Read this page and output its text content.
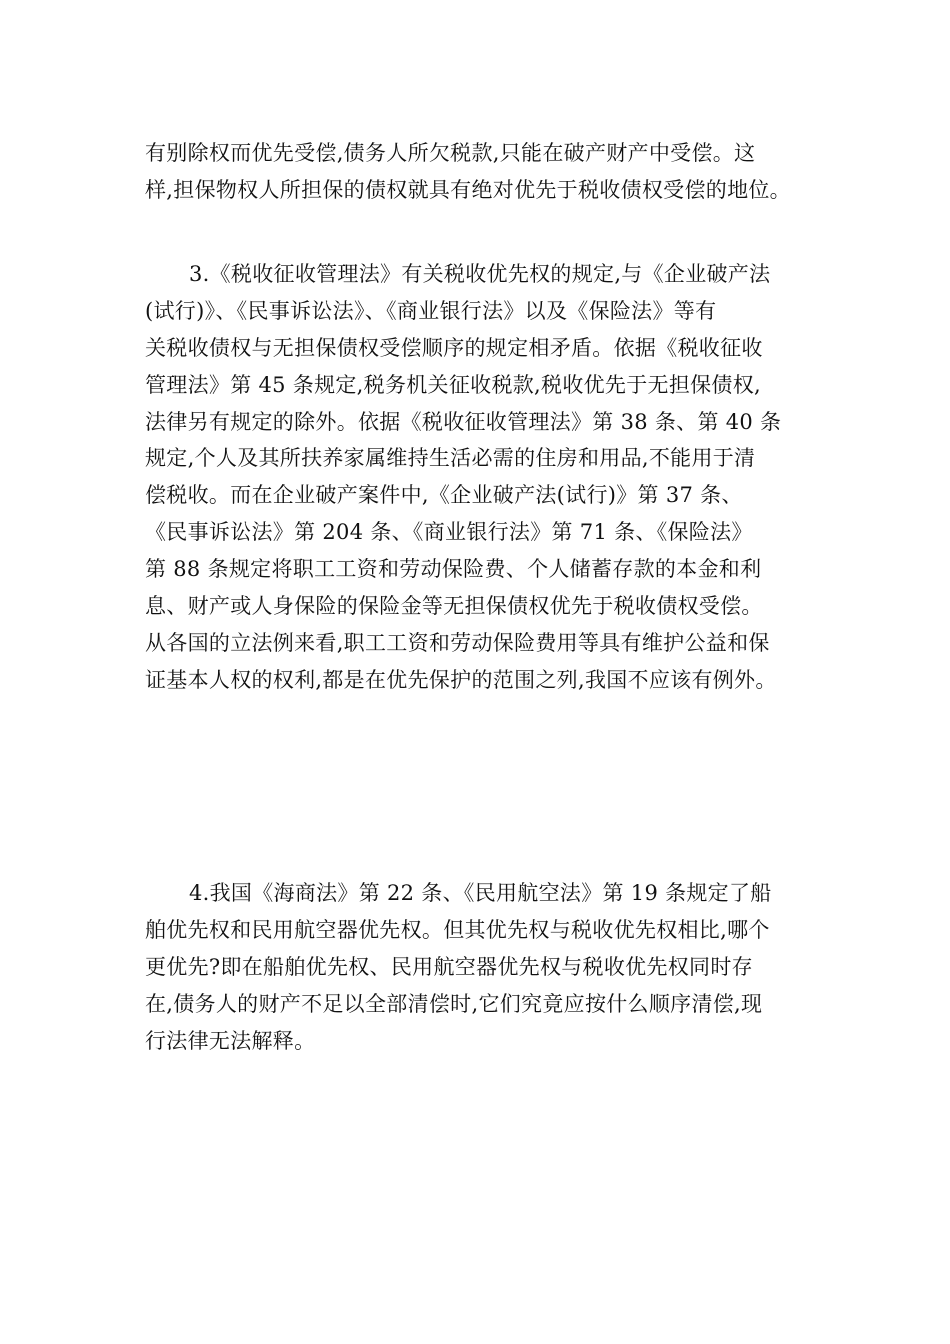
有别除权而优先受偿,债务人所欠税款,只能在破产财产中受偿。这
样,担保物权人所担保的债权就具有绝对优先于税收债权受偿的地位。

3.《税收征收管理法》有关税收优先权的规定,与《企业破产法
(试行)》、《民事诉讼法》、《商业银行法》以及《保险法》等有
关税收债权与无担保债权受偿顺序的规定相矛盾。依据《税收征收
管理法》第 45 条规定,税务机关征收税款,税收优先于无担保债权,
法律另有规定的除外。依据《税收征收管理法》第 38 条、第 40 条
规定,个人及其所扶养家属维持生活必需的住房和用品,不能用于清
偿税收。而在企业破产案件中,《企业破产法(试行)》第 37 条、
《民事诉讼法》第 204 条、《商业银行法》第 71 条、《保险法》
第 88 条规定将职工工资和劳动保险费、个人储蓄存款的本金和利
息、财产或人身保险的保险金等无担保债权优先于税收债权受偿。
从各国的立法例来看,职工工资和劳动保险费用等具有维护公益和保
证基本人权的权利,都是在优先保护的范围之列,我国不应该有例外。

4.我国《海商法》第 22 条、《民用航空法》第 19 条规定了船
舶优先权和民用航空器优先权。但其优先权与税收优先权相比,哪个
更优先?即在船舶优先权、民用航空器优先权与税收优先权同时存
在,债务人的财产不足以全部清偿时,它们究竟应按什么顺序清偿,现
行法律无法解释。
